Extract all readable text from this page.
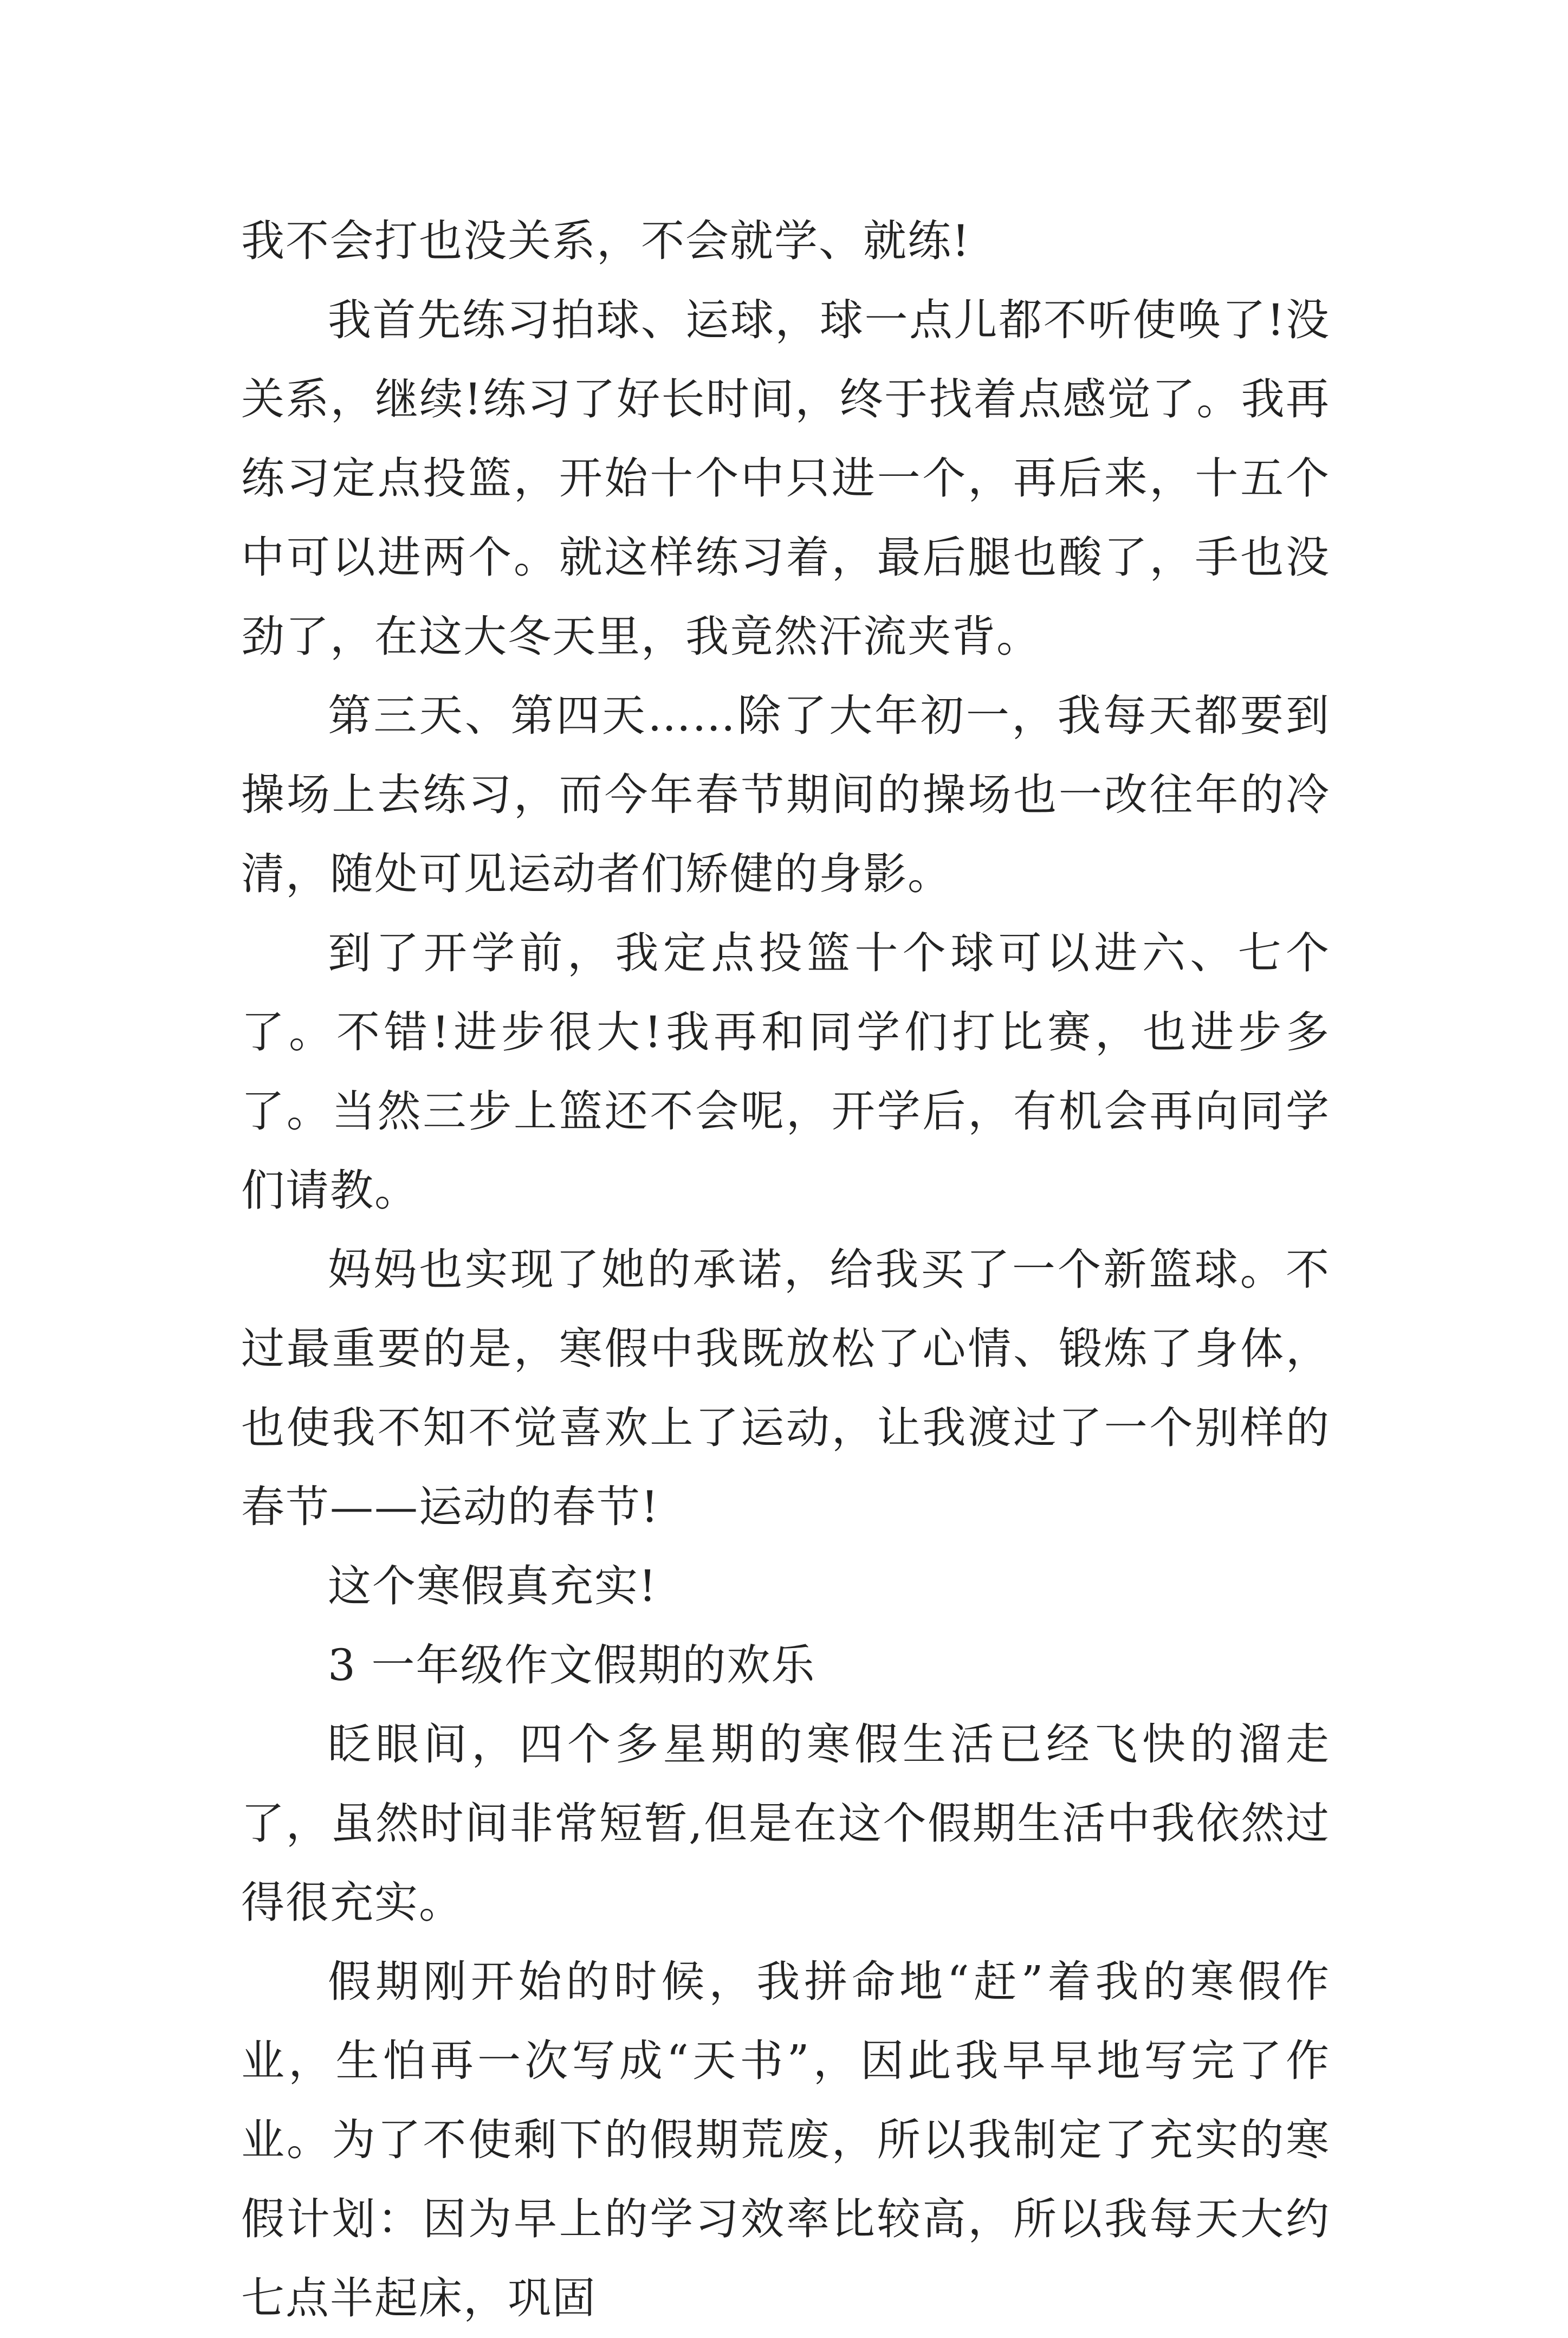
我不会打也没关系，不会就学、就练!

我首先练习拍球、运球，球一点儿都不听使唤了!没关系，继续!练习了好长时间，终于找着点感觉了。我再练习定点投篮，开始十个中只进一个，再后来，十五个中可以进两个。就这样练习着，最后腿也酸了，手也没劲了，在这大冬天里，我竟然汗流夹背。

第三天、第四天……除了大年初一，我每天都要到操场上去练习，而今年春节期间的操场也一改往年的冷清，随处可见运动者们矫健的身影。

到了开学前，我定点投篮十个球可以进六、七个了。不错!进步很大!我再和同学们打比赛，也进步多了。当然三步上篮还不会呢，开学后，有机会再向同学们请教。

妈妈也实现了她的承诺，给我买了一个新篮球。不过最重要的是，寒假中我既放松了心情、锻炼了身体，也使我不知不觉喜欢上了运动，让我渡过了一个别样的春节——运动的春节!

这个寒假真充实!

3 一年级作文假期的欢乐

眨眼间，四个多星期的寒假生活已经飞快的溜走了，虽然时间非常短暂,但是在这个假期生活中我依然过得很充实。

假期刚开始的时候，我拼命地“赶”着我的寒假作业，生怕再一次写成“天书”，因此我早早地写完了作业。为了不使剩下的假期荒废，所以我制定了充实的寒假计划：因为早上的学习效率比较高，所以我每天大约七点半起床，巩固
